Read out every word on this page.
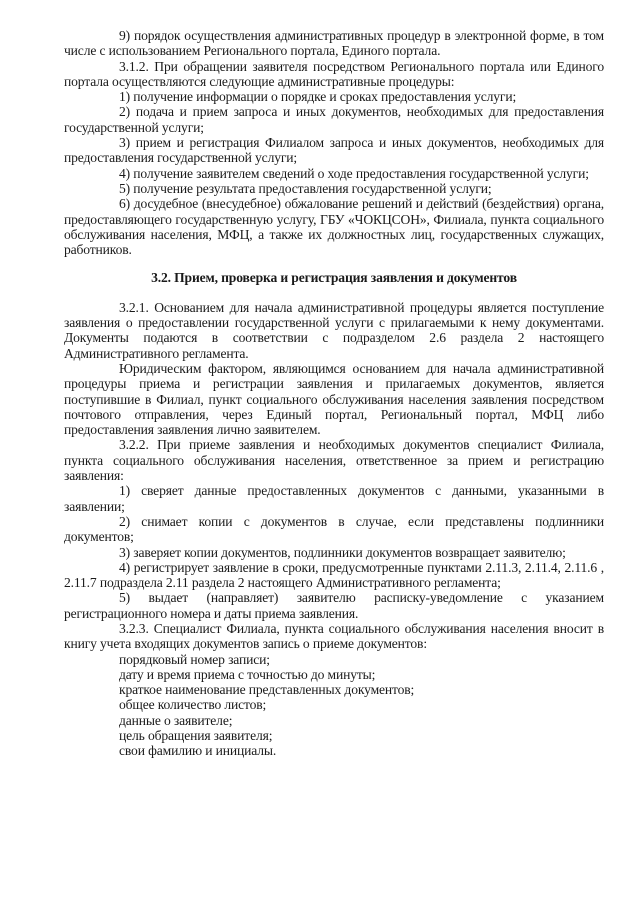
9) порядок осуществления административных процедур в электронной форме, в том числе с использованием Регионального портала, Единого портала.

3.1.2. При обращении заявителя посредством Регионального портала или Единого портала осуществляются следующие административные процедуры:

1) получение информации о порядке и сроках предоставления услуги;

2) подача и прием запроса и иных документов, необходимых для предоставления государственной услуги;

3) прием и регистрация Филиалом запроса и иных документов, необходимых для предоставления государственной услуги;

4) получение заявителем сведений о ходе предоставления государственной услуги;

5) получение результата предоставления государственной услуги;

6) досудебное (внесудебное) обжалование решений и действий (бездействия) органа, предоставляющего государственную услугу, ГБУ «ЧОКЦСОН», Филиала, пункта социального обслуживания населения, МФЦ, а также их должностных лиц, государственных служащих, работников.

3.2. Прием, проверка и регистрация заявления и документов

3.2.1. Основанием для начала административной процедуры является поступление заявления о предоставлении государственной услуги с прилагаемыми к нему документами. Документы подаются в соответствии с подразделом 2.6 раздела 2 настоящего Административного регламента.

Юридическим фактором, являющимся основанием для начала административной процедуры приема и регистрации заявления и прилагаемых документов, является поступившие в Филиал, пункт социального обслуживания населения заявления посредством почтового отправления, через Единый портал, Региональный портал, МФЦ либо предоставления заявления лично заявителем.

3.2.2. При приеме заявления и необходимых документов специалист Филиала, пункта социального обслуживания населения, ответственное за прием и регистрацию заявления:

1) сверяет данные предоставленных документов с данными, указанными в заявлении;

2) снимает копии с документов в случае, если представлены подлинники документов;

3) заверяет копии документов, подлинники документов возвращает заявителю;

4) регистрирует заявление в сроки, предусмотренные пунктами 2.11.3, 2.11.4, 2.11.6 , 2.11.7 подраздела 2.11 раздела 2 настоящего Административного регламента;

5) выдает (направляет) заявителю расписку-уведомление с указанием регистрационного номера и даты приема заявления.

3.2.3. Специалист Филиала, пункта социального обслуживания населения вносит в книгу учета входящих документов запись о приеме документов:

порядковый номер записи;
дату и время приема с точностью до минуты;
краткое наименование представленных документов;
общее количество листов;
данные о заявителе;
цель обращения заявителя;
свои фамилию и инициалы.
